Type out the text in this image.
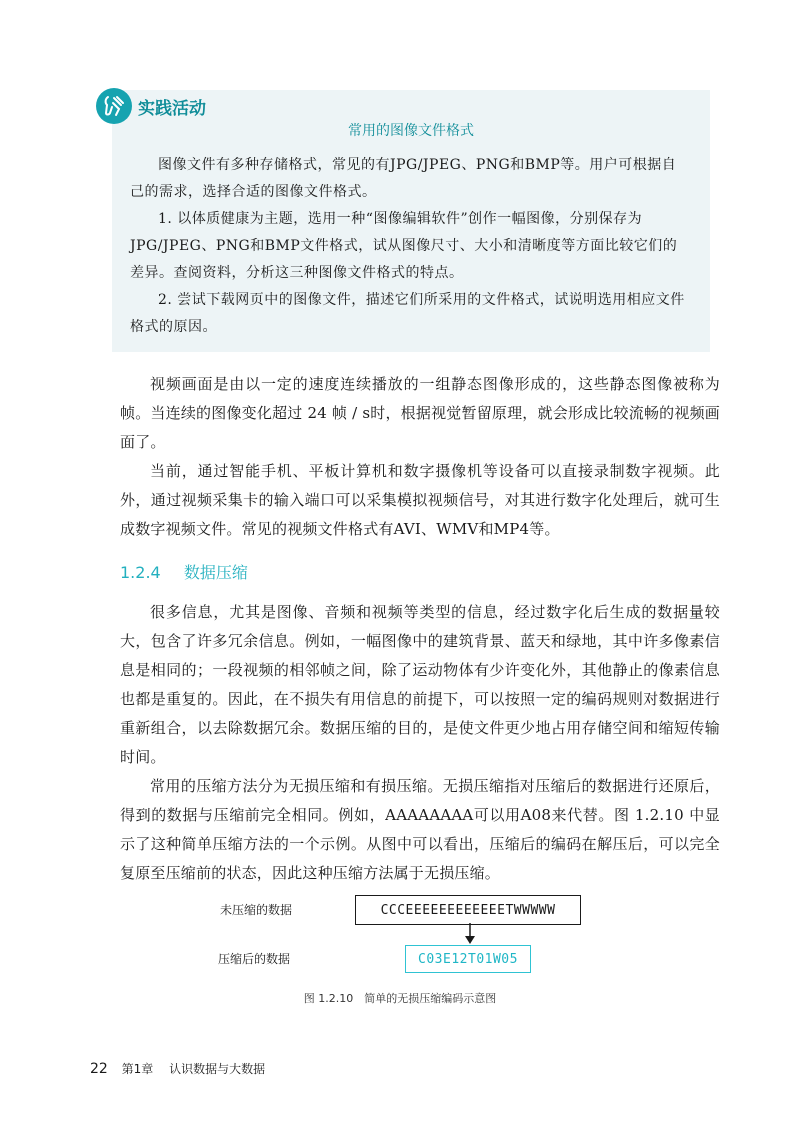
实践活动
常用的图像文件格式

图像文件有多种存储格式，常见的有JPG/JPEG、PNG和BMP等。用户可根据自己的需求，选择合适的图像文件格式。

1. 以体质健康为主题，选用一种“图像编辑软件”创作一幅图像，分别保存为JPG/JPEG、PNG和BMP文件格式，试从图像尺寸、大小和清晰度等方面比较它们的差异。查阅资料，分析这三种图像文件格式的特点。

2. 尝试下载网页中的图像文件，描述它们所采用的文件格式，试说明选用相应文件格式的原因。

视频画面是由以一定的速度连续播放的一组静态图像形成的，这些静态图像被称为帧。当连续的图像变化超过 24 帧 / s时，根据视觉暂留原理，就会形成比较流畅的视频画面了。

当前，通过智能手机、平板计算机和数字摄像机等设备可以直接录制数字视频。此外，通过视频采集卡的输入端口可以采集模拟视频信号，对其进行数字化处理后，就可生成数字视频文件。常见的视频文件格式有AVI、WMV和MP4等。

1.2.4 数据压缩

很多信息，尤其是图像、音频和视频等类型的信息，经过数字化后生成的数据量较大，包含了许多冗余信息。例如，一幅图像中的建筑背景、蓝天和绿地，其中许多像素信息是相同的；一段视频的相邻帧之间，除了运动物体有少许变化外，其他静止的像素信息也都是重复的。因此，在不损失有用信息的前提下，可以按照一定的编码规则对数据进行重新组合，以去除数据冗余。数据压缩的目的，是使文件更少地占用存储空间和缩短传输时间。

常用的压缩方法分为无损压缩和有损压缩。无损压缩指对压缩后的数据进行还原后，得到的数据与压缩前完全相同。例如，AAAAAAAA可以用A08来代替。图 1.2.10 中显示了这种简单压缩方法的一个示例。从图中可以看出，压缩后的编码在解压后，可以完全复原至压缩前的状态，因此这种压缩方法属于无损压缩。

未压缩的数据	CCCEEEEEEEEEEEETWWWWW
压缩后的数据	C03E12T01W05
图 1.2.10　简单的无损压缩编码示意图
22 第1章 认识数据与大数据
